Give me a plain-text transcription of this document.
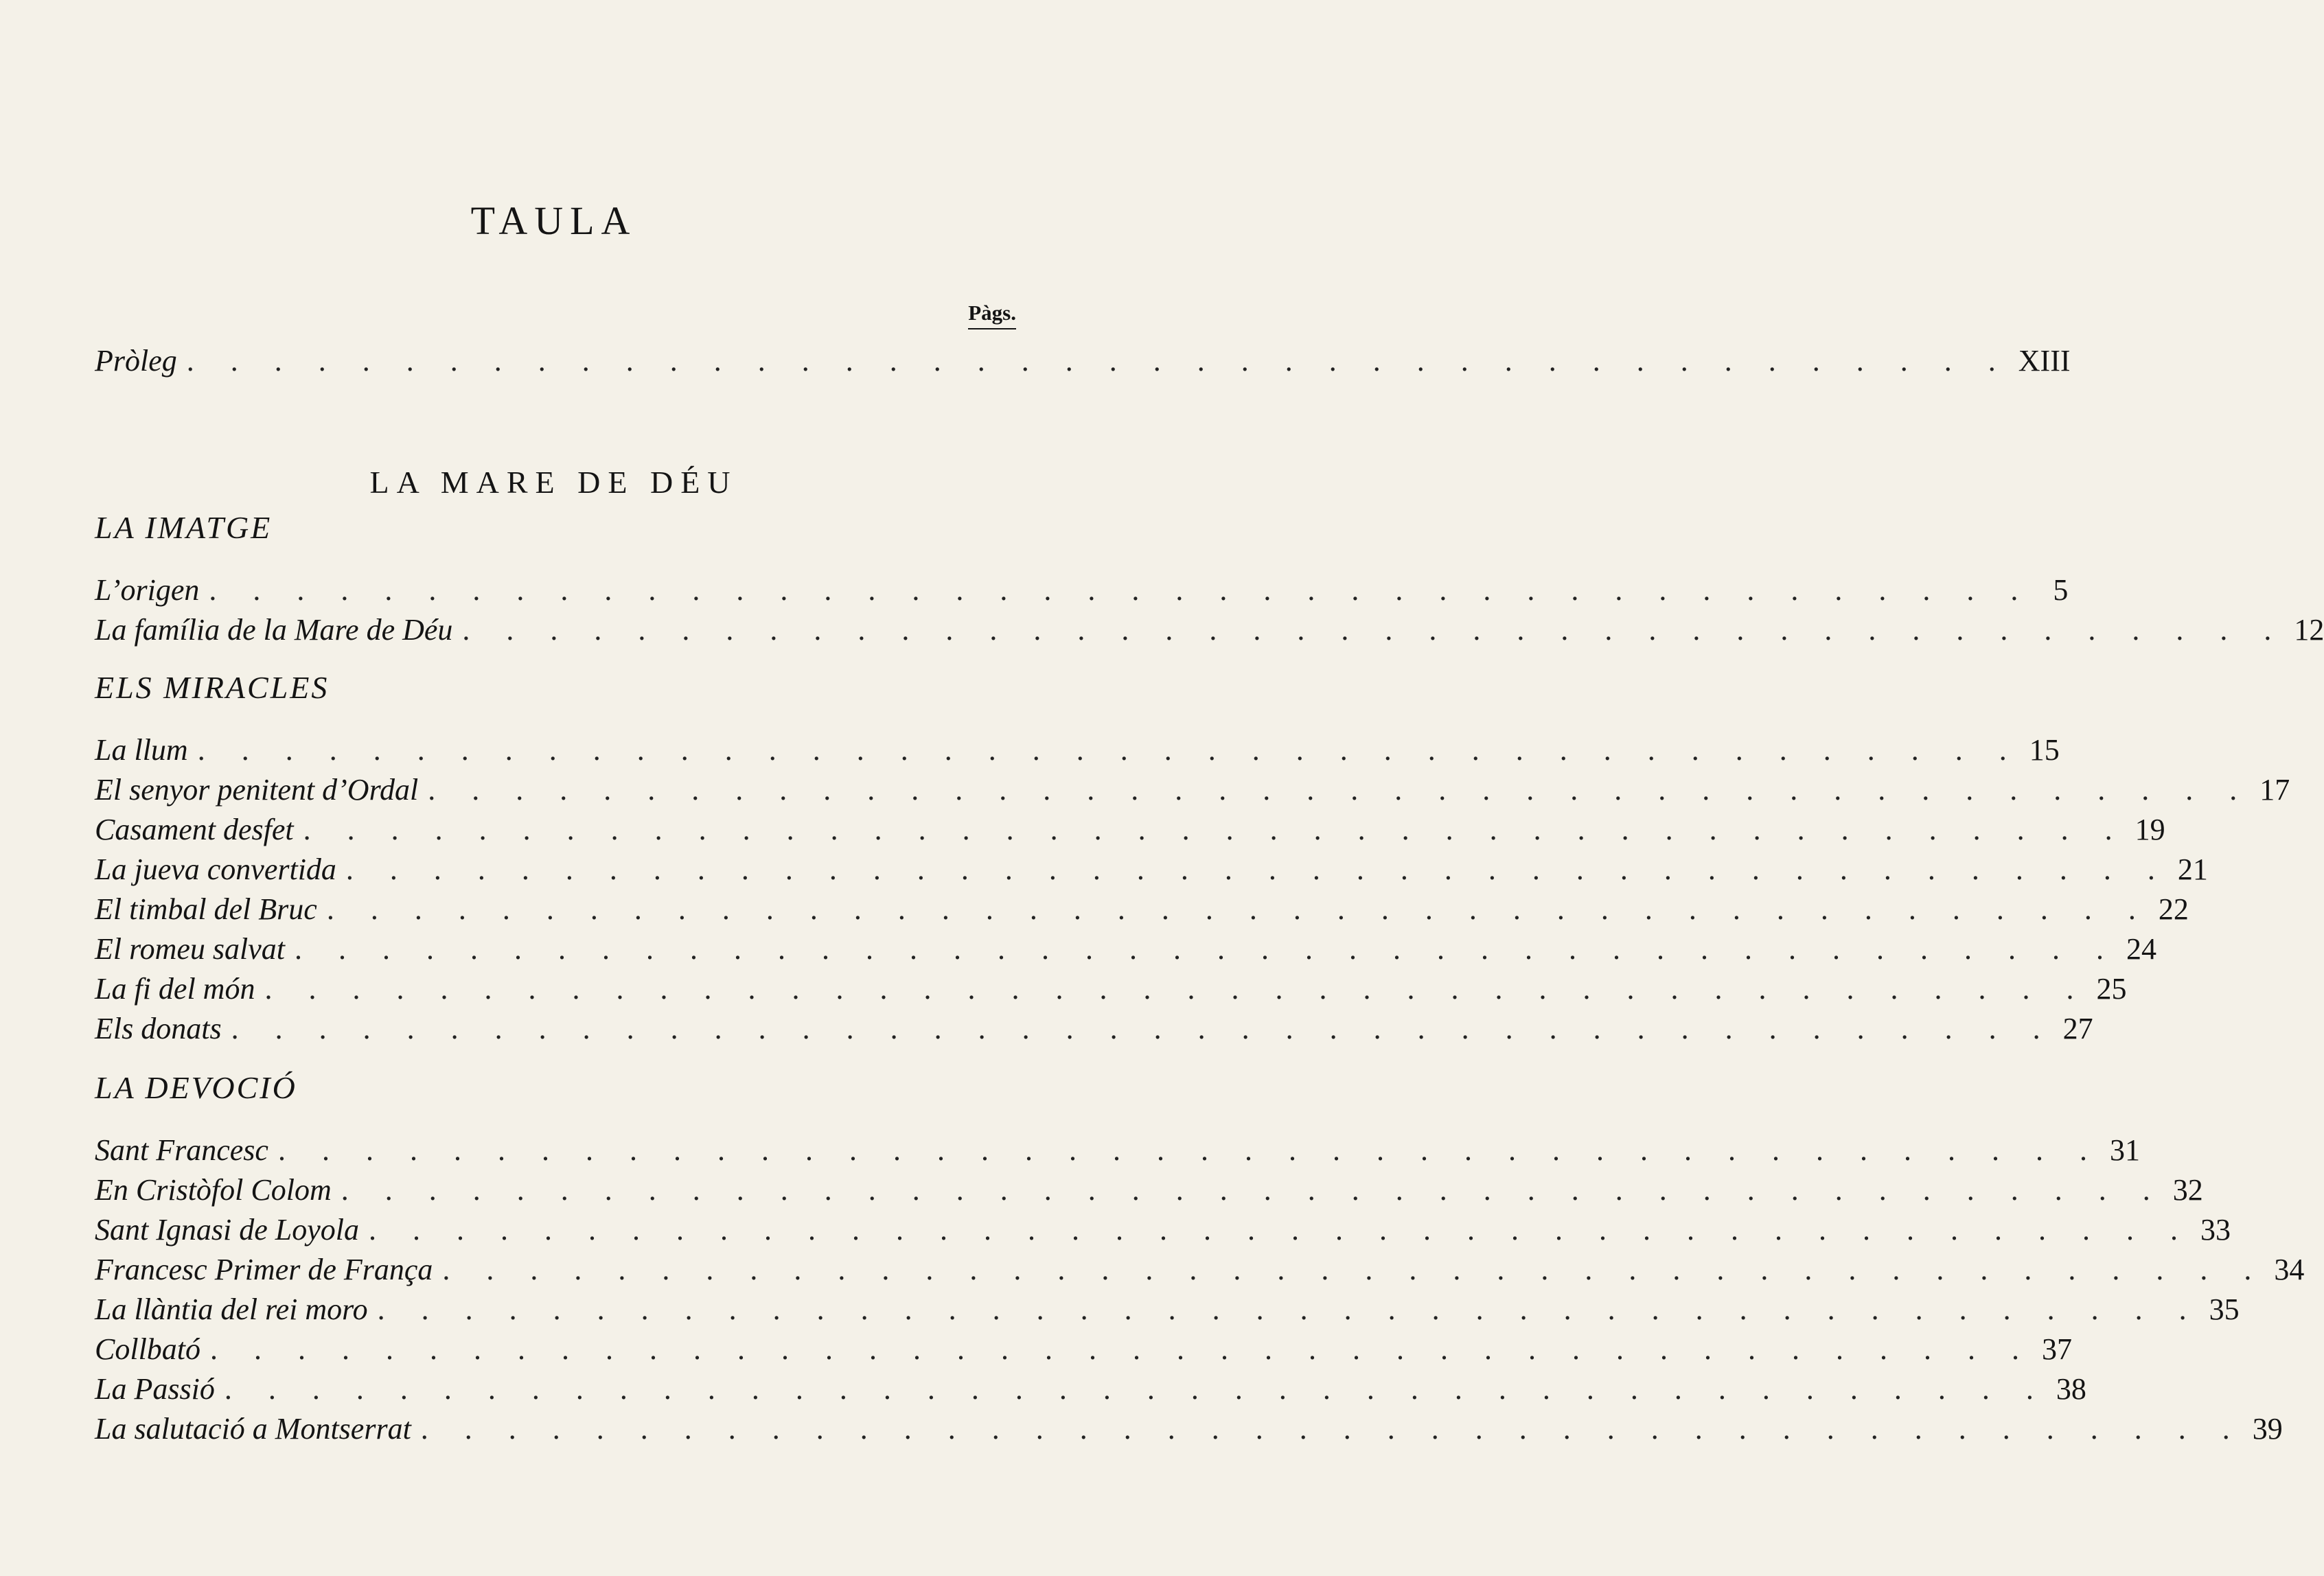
TAULA
Pàgs.
Pròleg . . . . . . . . . . . . . . . . . . . . . . . . . . . . . . . . . . . . . . . . . . XIII
LA MARE DE DÉU
LA IMATGE
L’origen . . . . . . . . . . . . . . . . . . . . . . . . . . . . . . . . . . . . . . . . . . 5
La família de la Mare de Déu . . . . . . . . . . . . . . . . . . . . . . . . . . . . . . . . . . . . . . . . . . 12
ELS MIRACLES
La llum . . . . . . . . . . . . . . . . . . . . . . . . . . . . . . . . . . . . . . . . . . 15
El senyor penitent d’Ordal . . . . . . . . . . . . . . . . . . . . . . . . . . . . . . . . . . . . . . . . . . 17
Casament desfet . . . . . . . . . . . . . . . . . . . . . . . . . . . . . . . . . . . . . . . . . . 19
La jueva convertida . . . . . . . . . . . . . . . . . . . . . . . . . . . . . . . . . . . . . . . . . . 21
El timbal del Bruc . . . . . . . . . . . . . . . . . . . . . . . . . . . . . . . . . . . . . . . . . . 22
El romeu salvat . . . . . . . . . . . . . . . . . . . . . . . . . . . . . . . . . . . . . . . . . . 24
La fi del món . . . . . . . . . . . . . . . . . . . . . . . . . . . . . . . . . . . . . . . . . . 25
Els donats . . . . . . . . . . . . . . . . . . . . . . . . . . . . . . . . . . . . . . . . . . 27
LA DEVOCIÓ
Sant Francesc . . . . . . . . . . . . . . . . . . . . . . . . . . . . . . . . . . . . . . . . . . 31
En Cristòfol Colom . . . . . . . . . . . . . . . . . . . . . . . . . . . . . . . . . . . . . . . . . . 32
Sant Ignasi de Loyola . . . . . . . . . . . . . . . . . . . . . . . . . . . . . . . . . . . . . . . . . . 33
Francesc Primer de França . . . . . . . . . . . . . . . . . . . . . . . . . . . . . . . . . . . . . . . . . . 34
La llàntia del rei moro . . . . . . . . . . . . . . . . . . . . . . . . . . . . . . . . . . . . . . . . . . 35
Collbató . . . . . . . . . . . . . . . . . . . . . . . . . . . . . . . . . . . . . . . . . . 37
La Passió . . . . . . . . . . . . . . . . . . . . . . . . . . . . . . . . . . . . . . . . . . 38
La salutació a Montserrat . . . . . . . . . . . . . . . . . . . . . . . . . . . . . . . . . . . . . . . . . . 39
